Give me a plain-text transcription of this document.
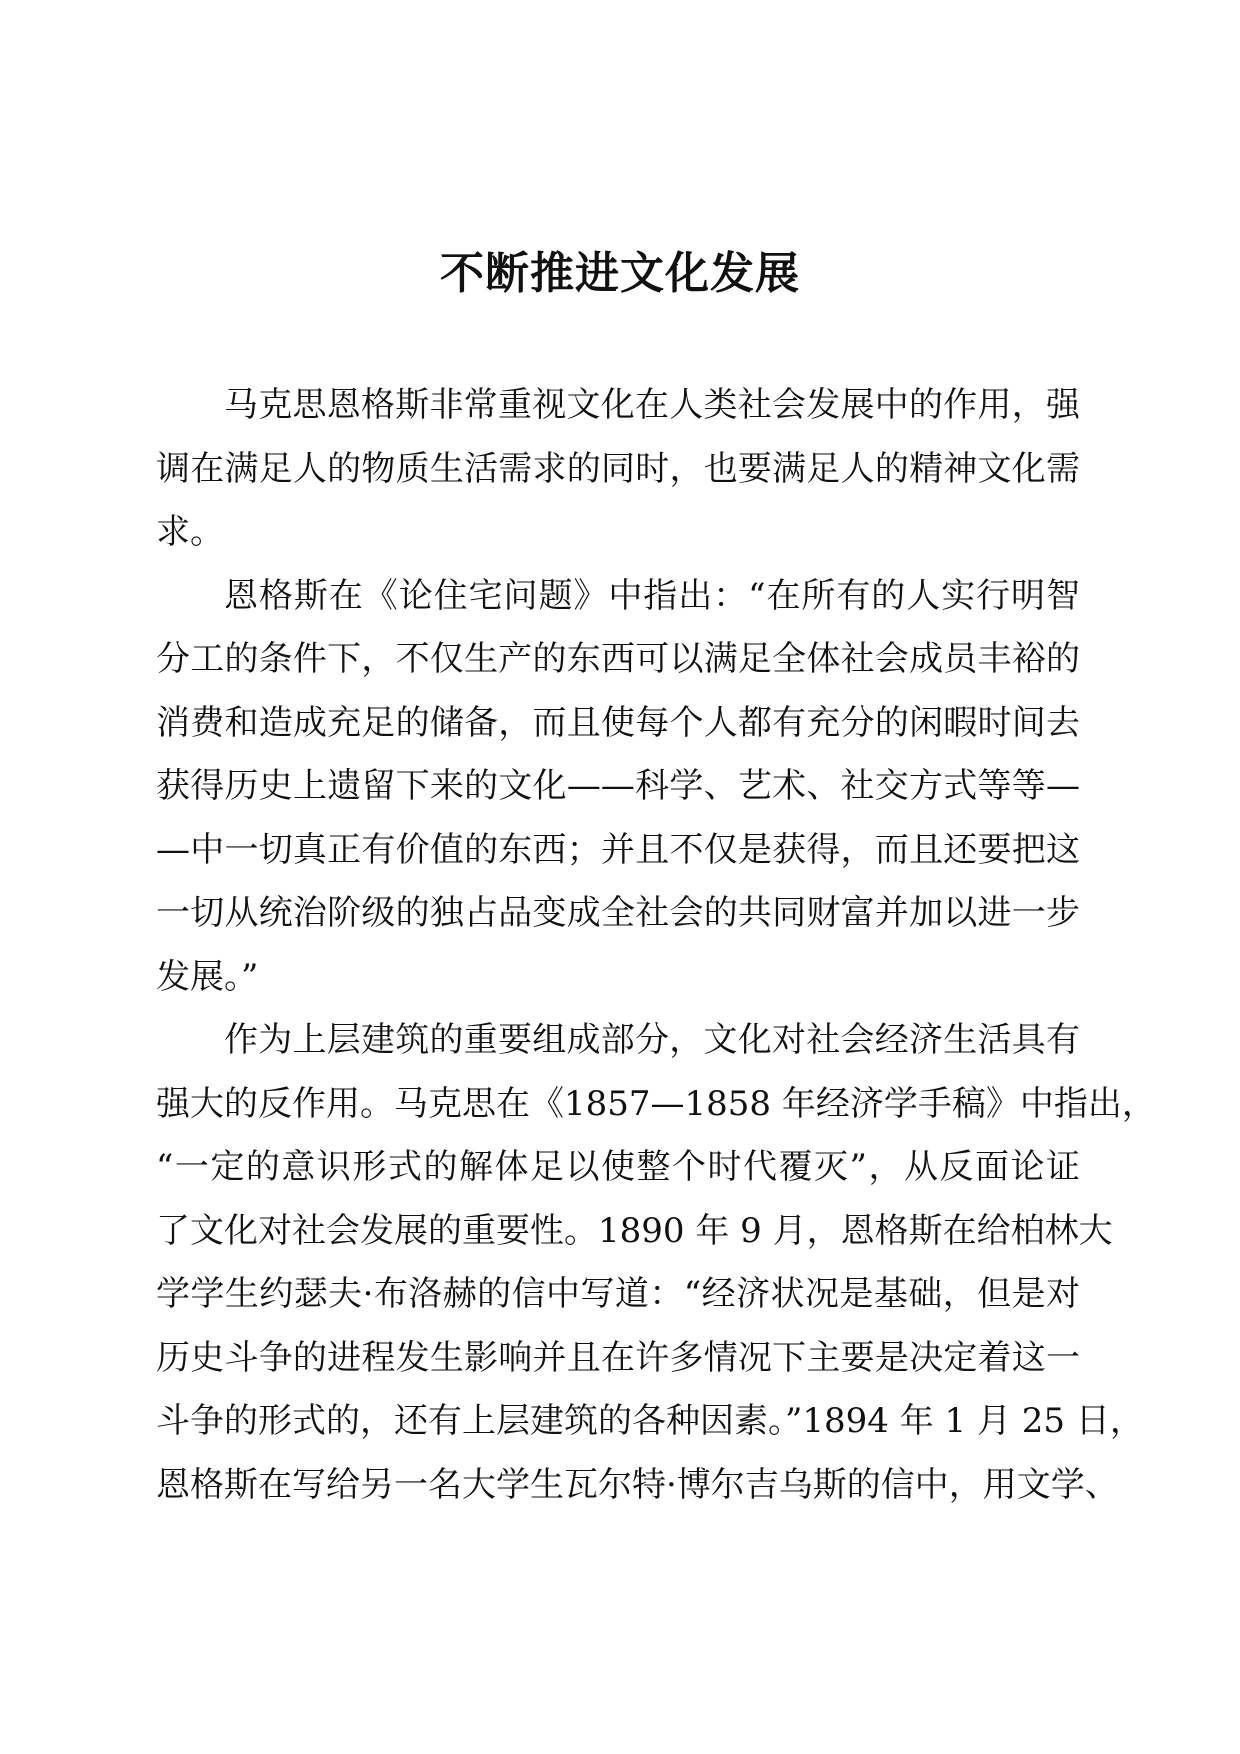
不断推进文化发展
马克思恩格斯非常重视文化在人类社会发展中的作用，强
调在满足人的物质生活需求的同时，也要满足人的精神文化需
求。
恩格斯在《论住宅问题》中指出：“在所有的人实行明智
分工的条件下，不仅生产的东西可以满足全体社会成员丰裕的
消费和造成充足的储备，而且使每个人都有充分的闲暇时间去
获得历史上遗留下来的文化——科学、艺术、社交方式等等—
—中一切真正有价值的东西；并且不仅是获得，而且还要把这
一切从统治阶级的独占品变成全社会的共同财富并加以进一步
发展。”
作为上层建筑的重要组成部分，文化对社会经济生活具有
强大的反作用。马克思在《1857—1858 年经济学手稿》中指出，
“一定的意识形式的解体足以使整个时代覆灭”，从反面论证
了文化对社会发展的重要性。1890 年 9 月，恩格斯在给柏林大
学学生约瑟夫·布洛赫的信中写道：“经济状况是基础，但是对
历史斗争的进程发生影响并且在许多情况下主要是决定着这一
斗争的形式的，还有上层建筑的各种因素。”1894 年 1 月 25 日，
恩格斯在写给另一名大学生瓦尔特·博尔吉乌斯的信中，用文学、
